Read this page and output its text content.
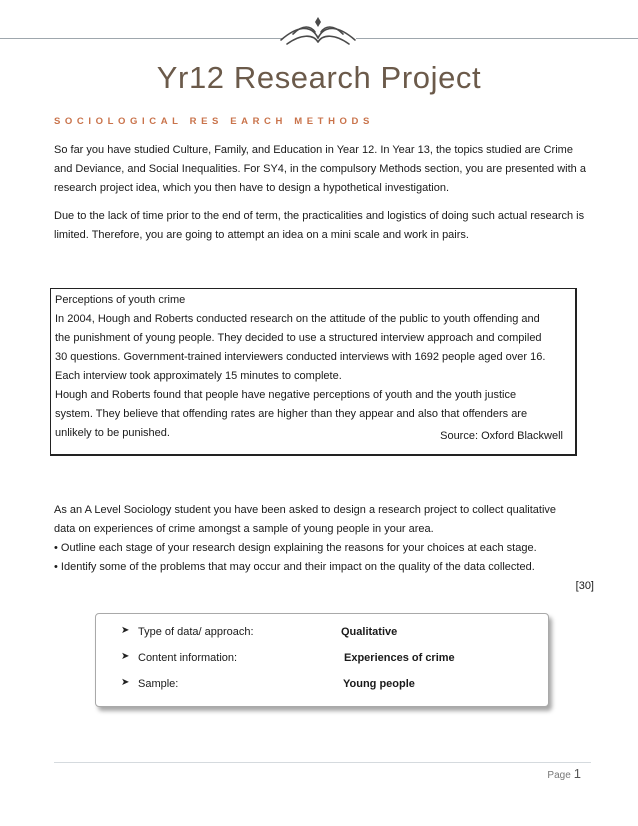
Yr12 Research Project
SOCIOLOGICAL RES EARCH METHODS

So far you have studied Culture, Family, and Education in Year 12. In Year 13, the topics studied are Crime and Deviance, and Social Inequalities. For SY4, in the compulsory Methods section, you are presented with a research project idea, which you then have to design a hypothetical investigation.

Due to the lack of time prior to the end of term, the practicalities and logistics of doing such actual research is limited. Therefore, you are going to attempt an idea on a mini scale and work in pairs.

Perceptions of youth crime
In 2004, Hough and Roberts conducted research on the attitude of the public to youth offending and
the punishment of young people. They decided to use a structured interview approach and compiled
30 questions. Government-trained interviewers conducted interviews with 1692 people aged over 16.
Each interview took approximately 15 minutes to complete.
Hough and Roberts found that people have negative perceptions of youth and the youth justice
system. They believe that offending rates are higher than they appear and also that offenders are
unlikely to be punished.	Source: Oxford Blackwell

As an A Level Sociology student you have been asked to design a research project to collect qualitative

data on experiences of crime amongst a sample of young people in your area.

• Outline each stage of your research design explaining the reasons for your choices at each stage.

• Identify some of the problems that may occur and their impact on the quality of the data collected.

[30]

➤ Type of data/ approach:	Qualitative
➤ Content information:	Experiences of crime
➤ Sample:	Young people
Page 1
